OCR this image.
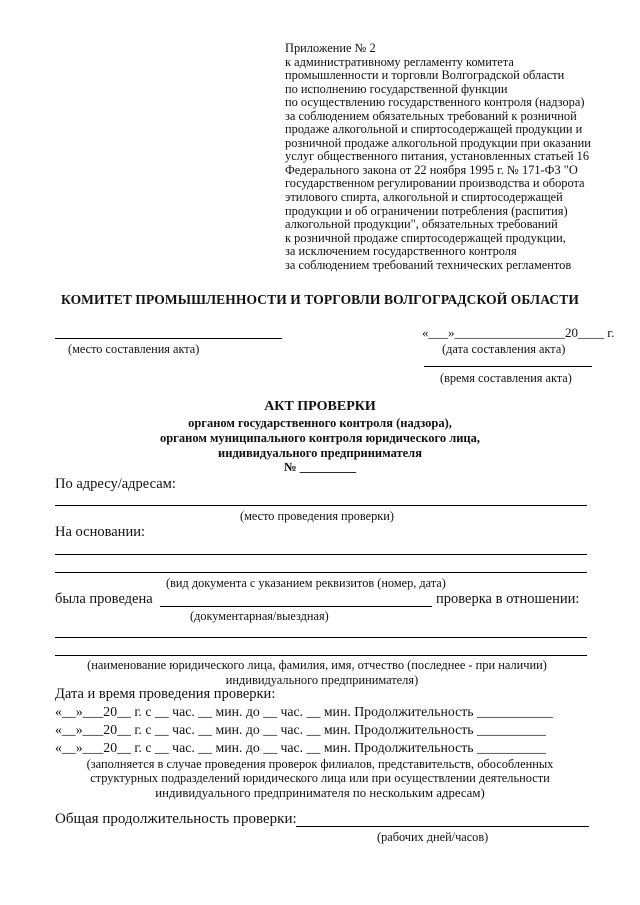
Приложение № 2
к административному регламенту комитета
промышленности и торговли Волгоградской области
по исполнению государственной функции
по осуществлению государственного контроля (надзора)
за соблюдением обязательных требований к розничной
продаже алкогольной и спиртосодержащей продукции и
розничной продаже алкогольной продукции при оказании
услуг общественного питания, установленных статьей 16
Федерального закона от 22 ноября 1995 г. № 171-ФЗ "О
государственном регулировании производства и оборота
этилового спирта, алкогольной и спиртосодержащей
продукции и об ограничении потребления (распития)
алкогольной продукции", обязательных требований
к розничной продаже спиртосодержащей продукции,
за исключением государственного контроля
за соблюдением требований технических регламентов
КОМИТЕТ ПРОМЫШЛЕННОСТИ И ТОРГОВЛИ ВОЛГОГРАДСКОЙ ОБЛАСТИ
(место составления акта)
«___»_________________20____ г.
(дата составления акта)
(время составления акта)
АКТ ПРОВЕРКИ
органом государственного контроля (надзора),
органом муниципального контроля юридического лица,
индивидуального предпринимателя
№ _________
По адресу/адресам:
(место проведения проверки)
На основании:
(вид документа с указанием реквизитов (номер, дата)
была проведена	проверка в отношении:
(документарная/выездная)
(наименование юридического лица, фамилия, имя, отчество (последнее - при наличии)
индивидуального предпринимателя)
Дата и время проведения проверки:
«__»___20__ г. с __ час. __ мин. до __ час. __ мин. Продолжительность ___________
«__»___20__ г. с __ час. __ мин. до __ час. __ мин. Продолжительность __________
«__»___20__ г. с __ час. __ мин. до __ час. __ мин. Продолжительность __________
(заполняется в случае проведения проверок филиалов, представительств, обособленных
структурных подразделений юридического лица или при осуществлении деятельности
индивидуального предпринимателя по нескольким адресам)
Общая продолжительность проверки:
(рабочих дней/часов)
